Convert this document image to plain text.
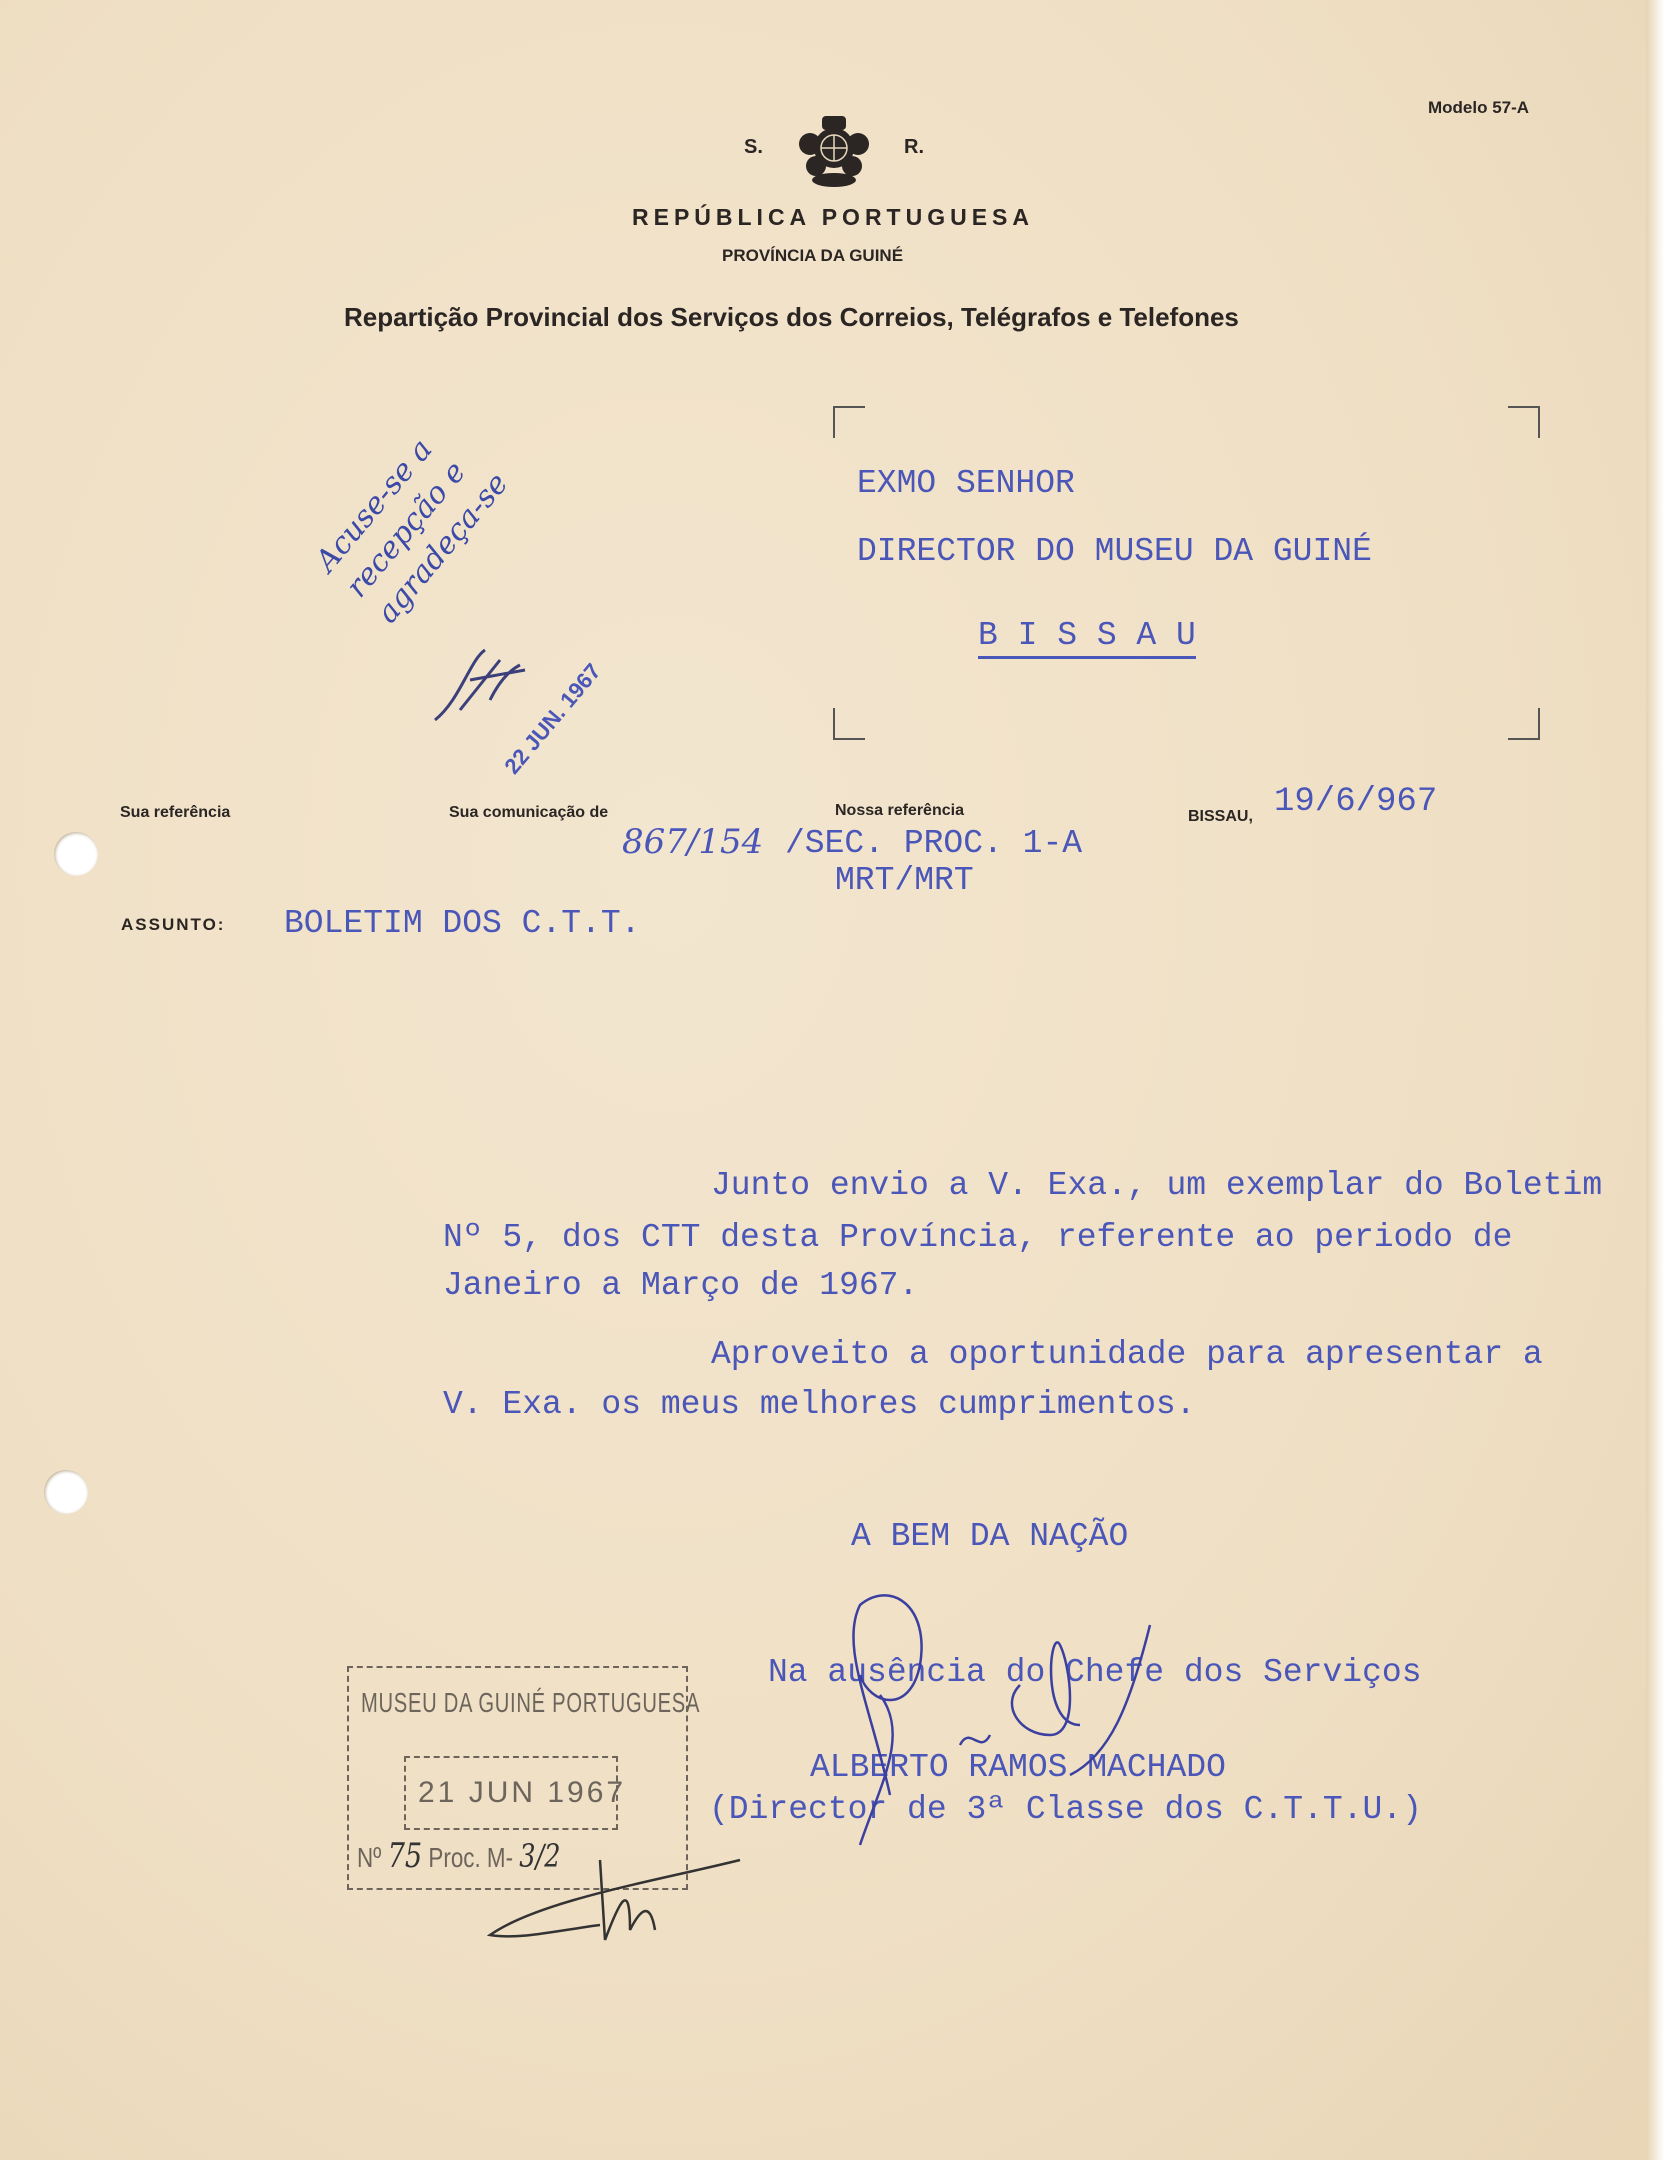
Modelo 57-A
S.	R.
REPÚBLICA PORTUGUESA
PROVÍNCIA DA GUINÉ
Repartição Provincial dos Serviços dos Correios, Telégrafos e Telefones
Acuse-se a recepção e agradeça-se
22 JUN. 1967
EXMO SENHOR
DIRECTOR DO MUSEU DA GUINÉ
B I S S A U
Sua referência	Sua comunicação de	Nossa referência	BISSAU, 19/6/967
867/154 /SEC. PROC. 1-A
MRT/MRT
ASSUNTO: BOLETIM DOS C.T.T.
Junto envio a V. Exa., um exemplar do Boletim
Nº 5, dos CTT desta Província, referente ao periodo de
Janeiro a Março de 1967.
Aproveito a oportunidade para apresentar a
V. Exa. os meus melhores cumprimentos.
A BEM DA NAÇÃO
Na ausência do Chefe dos Serviços
ALBERTO RAMOS MACHADO
(Director de 3ª Classe dos C.T.T.U.)
MUSEU DA GUINÉ PORTUGUESA
21 JUN 1967
Nº 75 Proc. M- 3/2
